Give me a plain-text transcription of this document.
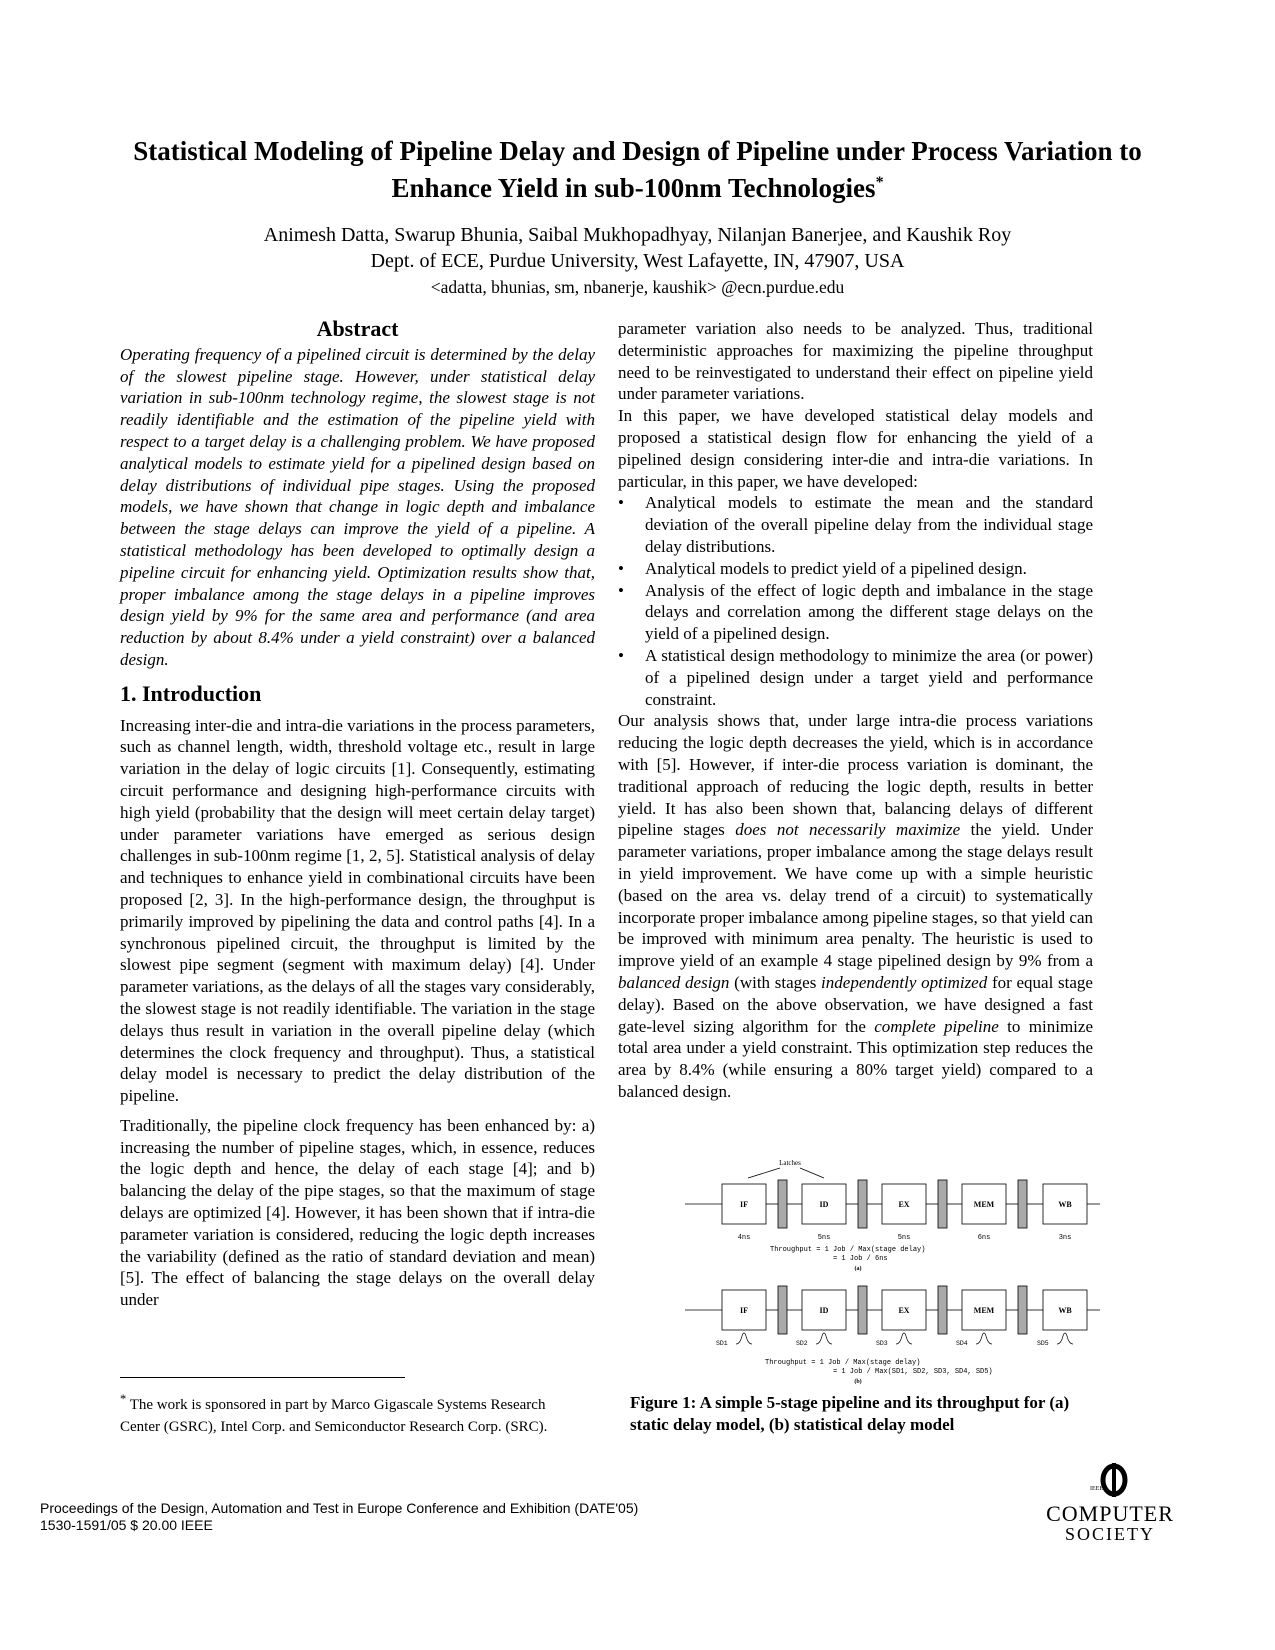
Statistical Modeling of Pipeline Delay and Design of Pipeline under Process Variation to Enhance Yield in sub-100nm Technologies*
Animesh Datta, Swarup Bhunia, Saibal Mukhopadhyay, Nilanjan Banerjee, and Kaushik Roy
Dept. of ECE, Purdue University, West Lafayette, IN, 47907, USA
<adatta, bhunias, sm, nbanerje, kaushik> @ecn.purdue.edu
Abstract

Operating frequency of a pipelined circuit is determined by the delay of the slowest pipeline stage. However, under statistical delay variation in sub-100nm technology regime, the slowest stage is not readily identifiable and the estimation of the pipeline yield with respect to a target delay is a challenging problem. We have proposed analytical models to estimate yield for a pipelined design based on delay distributions of individual pipe stages. Using the proposed models, we have shown that change in logic depth and imbalance between the stage delays can improve the yield of a pipeline. A statistical methodology has been developed to optimally design a pipeline circuit for enhancing yield. Optimization results show that, proper imbalance among the stage delays in a pipeline improves design yield by 9% for the same area and performance (and area reduction by about 8.4% under a yield constraint) over a balanced design.

1. Introduction

Increasing inter-die and intra-die variations in the process parameters, such as channel length, width, threshold voltage etc., result in large variation in the delay of logic circuits [1]. Consequently, estimating circuit performance and designing high-performance circuits with high yield (probability that the design will meet certain delay target) under parameter variations have emerged as serious design challenges in sub-100nm regime [1, 2, 5]. Statistical analysis of delay and techniques to enhance yield in combinational circuits have been proposed [2, 3]. In the high-performance design, the throughput is primarily improved by pipelining the data and control paths [4]. In a synchronous pipelined circuit, the throughput is limited by the slowest pipe segment (segment with maximum delay) [4]. Under parameter variations, as the delays of all the stages vary considerably, the slowest stage is not readily identifiable. The variation in the stage delays thus result in variation in the overall pipeline delay (which determines the clock frequency and throughput). Thus, a statistical delay model is necessary to predict the delay distribution of the pipeline.

Traditionally, the pipeline clock frequency has been enhanced by: a) increasing the number of pipeline stages, which, in essence, reduces the logic depth and hence, the delay of each stage [4]; and b) balancing the delay of the pipe stages, so that the maximum of stage delays are optimized [4]. However, it has been shown that if intra-die parameter variation is considered, reducing the logic depth increases the variability (defined as the ratio of standard deviation and mean) [5]. The effect of balancing the stage delays on the overall delay under

parameter variation also needs to be analyzed. Thus, traditional deterministic approaches for maximizing the pipeline throughput need to be reinvestigated to understand their effect on pipeline yield under parameter variations.

In this paper, we have developed statistical delay models and proposed a statistical design flow for enhancing the yield of a pipelined design considering inter-die and intra-die variations. In particular, in this paper, we have developed:

• Analytical models to estimate the mean and the standard deviation of the overall pipeline delay from the individual stage delay distributions.
• Analytical models to predict yield of a pipelined design.
• Analysis of the effect of logic depth and imbalance in the stage delays and correlation among the different stage delays on the yield of a pipelined design.
• A statistical design methodology to minimize the area (or power) of a pipelined design under a target yield and performance constraint.

Our analysis shows that, under large intra-die process variations reducing the logic depth decreases the yield, which is in accordance with [5]. However, if inter-die process variation is dominant, the traditional approach of reducing the logic depth, results in better yield. It has also been shown that, balancing delays of different pipeline stages does not necessarily maximize the yield. Under parameter variations, proper imbalance among the stage delays result in yield improvement. We have come up with a simple heuristic (based on the area vs. delay trend of a circuit) to systematically incorporate proper imbalance among pipeline stages, so that yield can be improved with minimum area penalty. The heuristic is used to improve yield of an example 4 stage pipelined design by 9% from a balanced design (with stages independently optimized for equal stage delay). Based on the above observation, we have designed a fast gate-level sizing algorithm for the complete pipeline to minimize total area under a yield constraint. This optimization step reduces the area by 8.4% (while ensuring a 80% target yield) compared to a balanced design.

IF	ID	EX	MEM	WB
Latches
4ns	5ns	5ns	6ns	3ns
Throughput = 1 Job / Max(stage delay)
= 1 Job / 6ns
(a)
IF	ID	EX	MEM	WB
SD1	SD2	SD3	SD4	SD5
Throughput = 1 Job / Max(stage delay)
= 1 Job / Max(SD1, SD2, SD3, SD4, SD5)
(b)
Figure 1: A simple 5-stage pipeline and its throughput for (a) static delay model, (b) statistical delay model
* The work is sponsored in part by Marco Gigascale Systems Research Center (GSRC), Intel Corp. and Semiconductor Research Corp. (SRC).
Proceedings of the Design, Automation and Test in Europe Conference and Exhibition (DATE'05)
1530-1591/05 $ 20.00 IEEE
IEEE
COMPUTER
SOCIETY
